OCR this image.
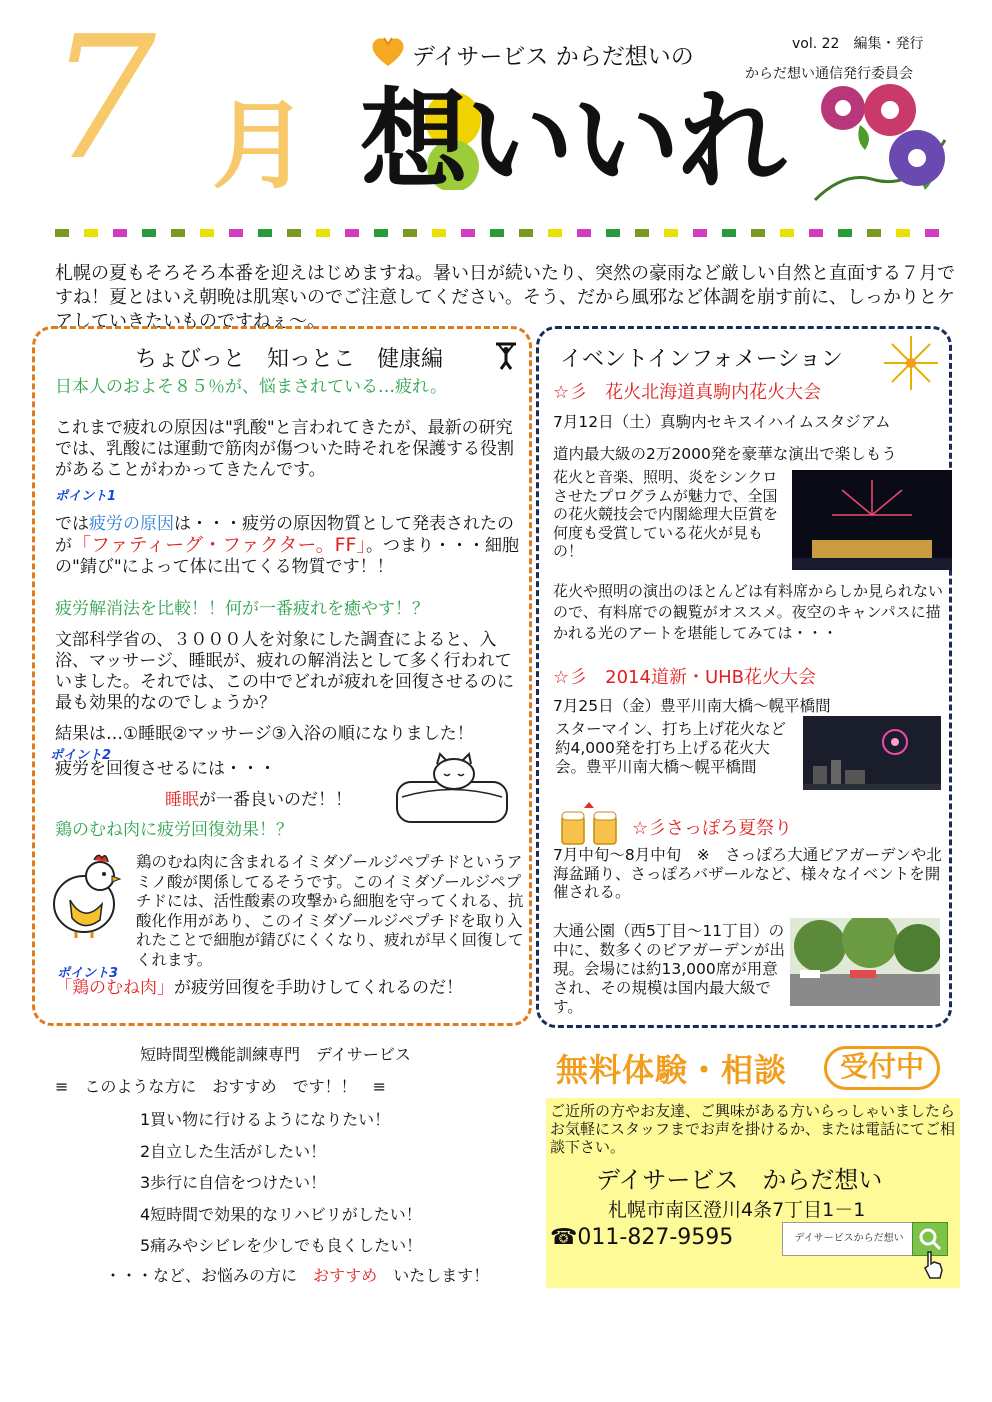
7 月
デイサービス からだ想いの	vol. 22　編集・発行
からだ想い通信発行委員会
想いいれ
札幌の夏もそろそろ本番を迎えはじめますね。暑い日が続いたり、突然の豪雨など厳しい自然と直面する７月ですね！夏とはいえ朝晩は肌寒いのでご注意してください。そう、だから風邪など体調を崩す前に、しっかりとケアしていきたいものですねぇ～。
ちょびっと　知っとこ　健康編
日本人のおよそ８５％が、悩まされている…疲れ。
これまで疲れの原因は"乳酸"と言われてきたが、最新の研究では、乳酸には運動で筋肉が傷ついた時それを保護する役割があることがわかってきたんです。
ポイント1
では疲労の原因は・・・疲労の原因物質として発表されたのが「ファティーグ・ファクター。FF」。つまり・・・細胞の"錆び"によって体に出てくる物質です！！
疲労解消法を比較！！何が一番疲れを癒やす！？
文部科学省の、３０００人を対象にした調査によると、入浴、マッサージ、睡眠が、疲れの解消法として多く行われていました。それでは、この中でどれが疲れを回復させるのに最も効果的なのでしょうか？
結果は…①睡眠②マッサージ③入浴の順になりました！
ポイント2
疲労を回復させるには・・・
睡眠が一番良いのだ！！
鶏のむね肉に疲労回復効果！？
鶏のむね肉に含まれるイミダゾールジペプチドというアミノ酸が関係してるそうです。このイミダゾールジペプチドには、活性酸素の攻撃から細胞を守ってくれる、抗酸化作用があり、このイミダゾールジペプチドを取り入れたことで細胞が錆びにくくなり、疲れが早く回復してくれます。
ポイント3
「鶏のむね肉」が疲労回復を手助けしてくれるのだ！
イベントインフォメーション
☆彡　花火北海道真駒内花火大会
7月12日（土）真駒内セキスイハイムスタジアム
道内最大級の2万2000発を豪華な演出で楽しもう
花火と音楽、照明、炎をシンクロさせたプログラムが魅力で、全国の花火競技会で内閣総理大臣賞を何度も受賞している花火が見もの！
花火や照明の演出のほとんどは有料席からしか見られないので、有料席での観覧がオススメ。夜空のキャンパスに描かれる光のアートを堪能してみては・・・
☆彡　2014道新・UHB花火大会
7月25日（金）豊平川南大橋～幌平橋間
スターマイン、打ち上げ花火など約4,000発を打ち上げる花火大会。豊平川南大橋～幌平橋間
☆彡さっぽろ夏祭り
7月中旬～8月中旬　※　さっぽろ大通ビアガーデンや北海盆踊り、さっぽろバザールなど、様々なイベントを開催される。
大通公園（西5丁目～11丁目）の中に、数多くのビアガーデンが出現。会場には約13,000席が用意され、その規模は国内最大級です。
短時間型機能訓練専門　デイサービス
≡　このような方に　おすすめ　です！！　≡
1買い物に行けるようになりたい！
2自立した生活がしたい！
3歩行に自信をつけたい！
4短時間で効果的なリハビリがしたい！
5痛みやシビレを少しでも良くしたい！
・・・など、お悩みの方に　 おすすめ　 いたします！
無料体験・相談	受付中
ご近所の方やお友達、ご興味がある方いらっしゃいましたらお気軽にスタッフまでお声を掛けるか、または電話にてご相談下さい。
デイサービス　からだ想い
札幌市南区澄川4条7丁目1－1
☎011-827-9595	デイサービスからだ想い
